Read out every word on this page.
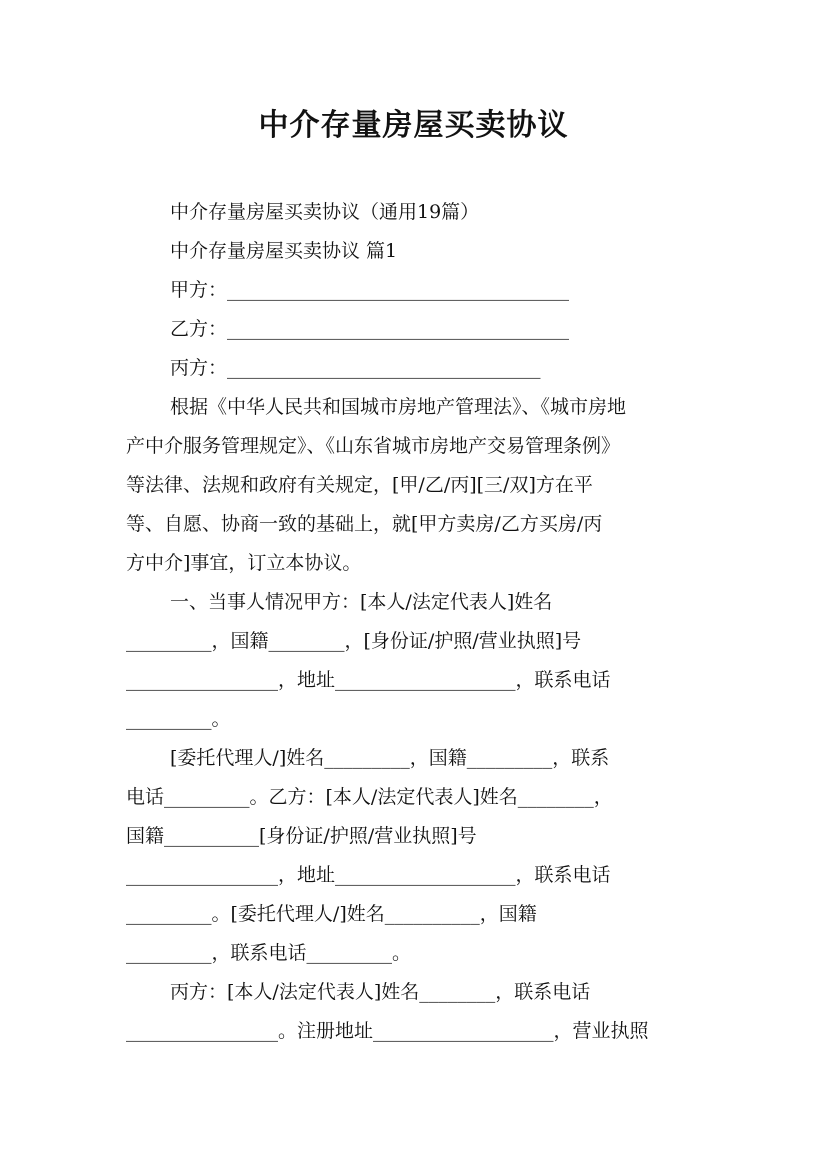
中介存量房屋买卖协议
中介存量房屋买卖协议（通用19篇）
中介存量房屋买卖协议 篇1
甲方：____________________________________
乙方：____________________________________
丙方：_________________________________
根据《中华人民共和国城市房地产管理法》、《城市房地
产中介服务管理规定》、《山东省城市房地产交易管理条例》
等法律、法规和政府有关规定，[甲/乙/丙][三/双]方在平
等、自愿、协商一致的基础上，就[甲方卖房/乙方买房/丙
方中介]事宜，订立本协议。
一、当事人情况甲方：[本人/法定代表人]姓名
_________，国籍________，[身份证/护照/营业执照]号
________________，地址___________________，联系电话
_________。
[委托代理人/]姓名_________，国籍_________，联系
电话_________。乙方：[本人/法定代表人]姓名________，
国籍__________[身份证/护照/营业执照]号
________________，地址___________________，联系电话
_________。[委托代理人/]姓名__________，国籍
_________，联系电话_________。
丙方：[本人/法定代表人]姓名________，联系电话
________________。注册地址___________________，营业执照
